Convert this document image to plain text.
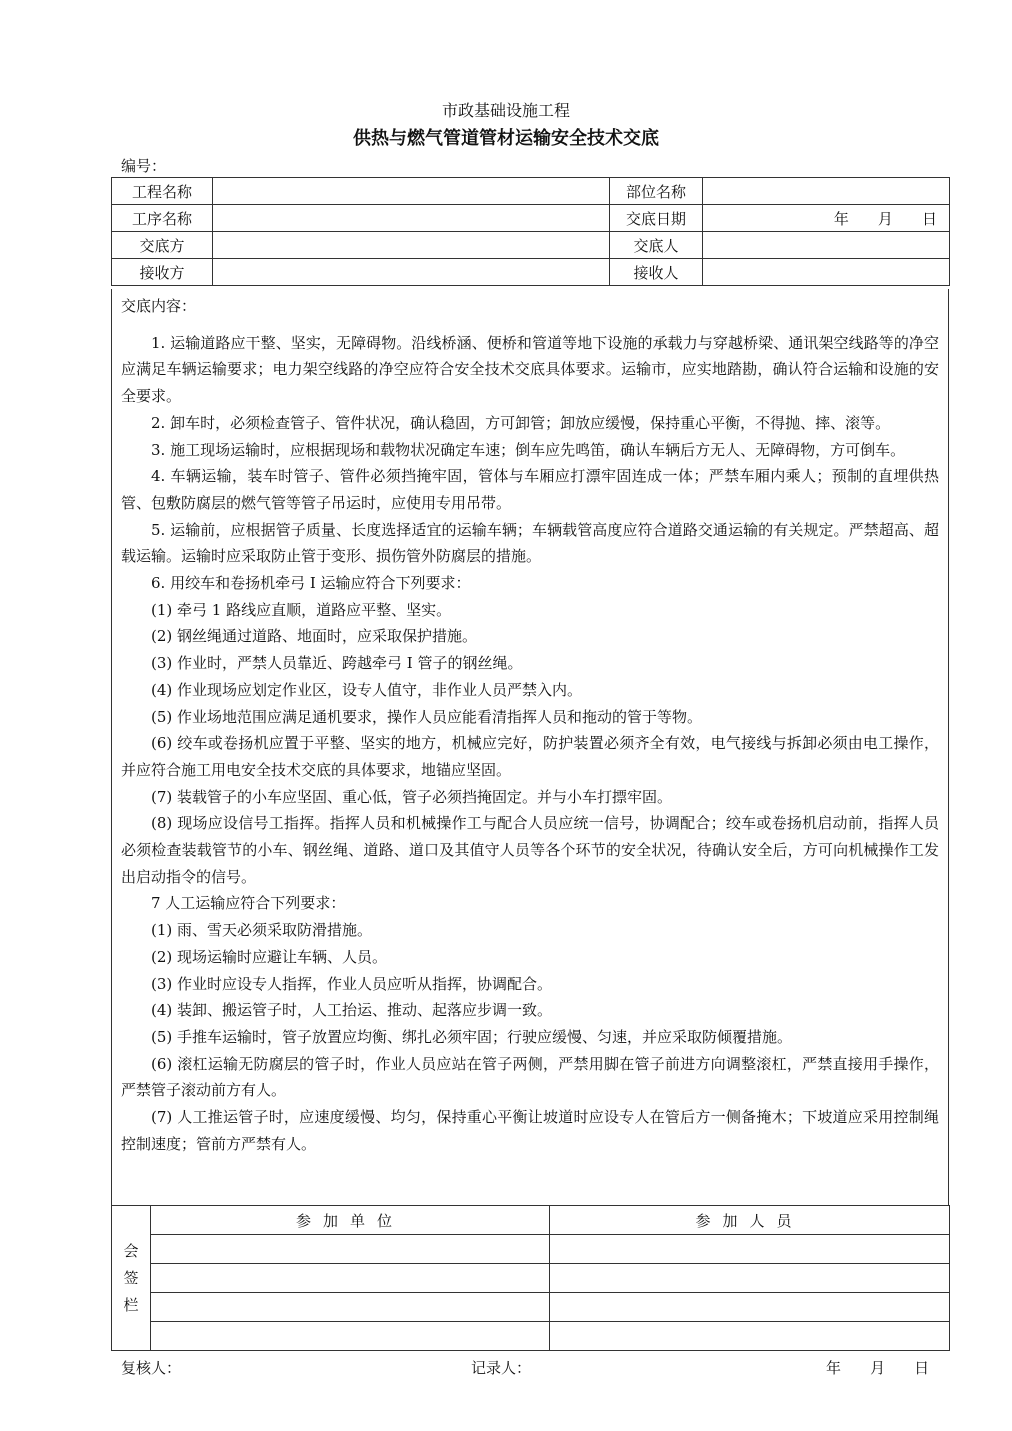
市政基础设施工程
供热与燃气管道管材运输安全技术交底
编号：
工程名称		部位名称	
工序名称		交底日期	年    月    日
交底方		交底人	
接收方		接收人	

交底内容：

1. 运输道路应干整、坚实，无障碍物。沿线桥涵、便桥和管道等地下设施的承载力与穿越桥梁、通讯架空线路等的净空应满足车辆运输要求；电力架空线路的净空应符合安全技术交底具体要求。运输市，应实地踏勘，确认符合运输和设施的安全要求。

2. 卸车时，必须检查管子、管件状况，确认稳固，方可卸管；卸放应缓慢，保持重心平衡，不得抛、摔、滚等。

3. 施工现场运输时，应根据现场和载物状况确定车速；倒车应先鸣笛，确认车辆后方无人、无障碍物，方可倒车。

4. 车辆运输，装车时管子、管件必须挡掩牢固，管体与车厢应打漂牢固连成一体；严禁车厢内乘人；预制的直埋供热管、包敷防腐层的燃气管等管子吊运时，应使用专用吊带。

5. 运输前，应根据管子质量、长度选择适宜的运输车辆；车辆载管高度应符合道路交通运输的有关规定。严禁超高、超载运输。运输时应采取防止管于变形、损伤管外防腐层的措施。

6. 用绞车和卷扬机牵弓 I 运输应符合下列要求：

(1) 牵弓 1 路线应直顺，道路应平整、坚实。

(2) 钢丝绳通过道路、地面时，应采取保护措施。

(3) 作业时，严禁人员靠近、跨越牵弓 I 管子的钢丝绳。

(4) 作业现场应划定作业区，设专人值守，非作业人员严禁入内。

(5) 作业场地范围应满足通机要求，操作人员应能看清指挥人员和拖动的管于等物。

(6) 绞车或卷扬机应置于平整、坚实的地方，机械应完好，防护装置必须齐全有效，电气接线与拆卸必须由电工操作，并应符合施工用电安全技术交底的具体要求，地锚应坚固。

(7) 装载管子的小车应坚固、重心低，管子必须挡掩固定。并与小车打摽牢固。

(8) 现场应设信号工指挥。指挥人员和机械操作工与配合人员应统一信号，协调配合；绞车或卷扬机启动前，指挥人员必须检查装载管节的小车、钢丝绳、道路、道口及其值守人员等各个环节的安全状况，待确认安全后，方可向机械操作工发出启动指令的信号。

7 人工运输应符合下列要求：

(1) 雨、雪天必须采取防滑措施。

(2) 现场运输时应避让车辆、人员。

(3) 作业时应设专人指挥，作业人员应听从指挥，协调配合。

(4) 装卸、搬运管子时，人工抬运、推动、起落应步调一致。

(5) 手推车运输时，管子放置应均衡、绑扎必须牢固；行驶应缓慢、匀速，并应采取防倾覆措施。

(6) 滚杠运输无防腐层的管子时，作业人员应站在管子两侧，严禁用脚在管子前进方向调整滚杠，严禁直接用手操作，严禁管子滚动前方有人。

(7) 人工推运管子时，应速度缓慢、均匀，保持重心平衡让坡道时应设专人在管后方一侧备掩木；下坡道应采用控制绳控制速度；管前方严禁有人。

会
签
栏	参加单位	参加人员

复核人：	记录人：	年    月    日
